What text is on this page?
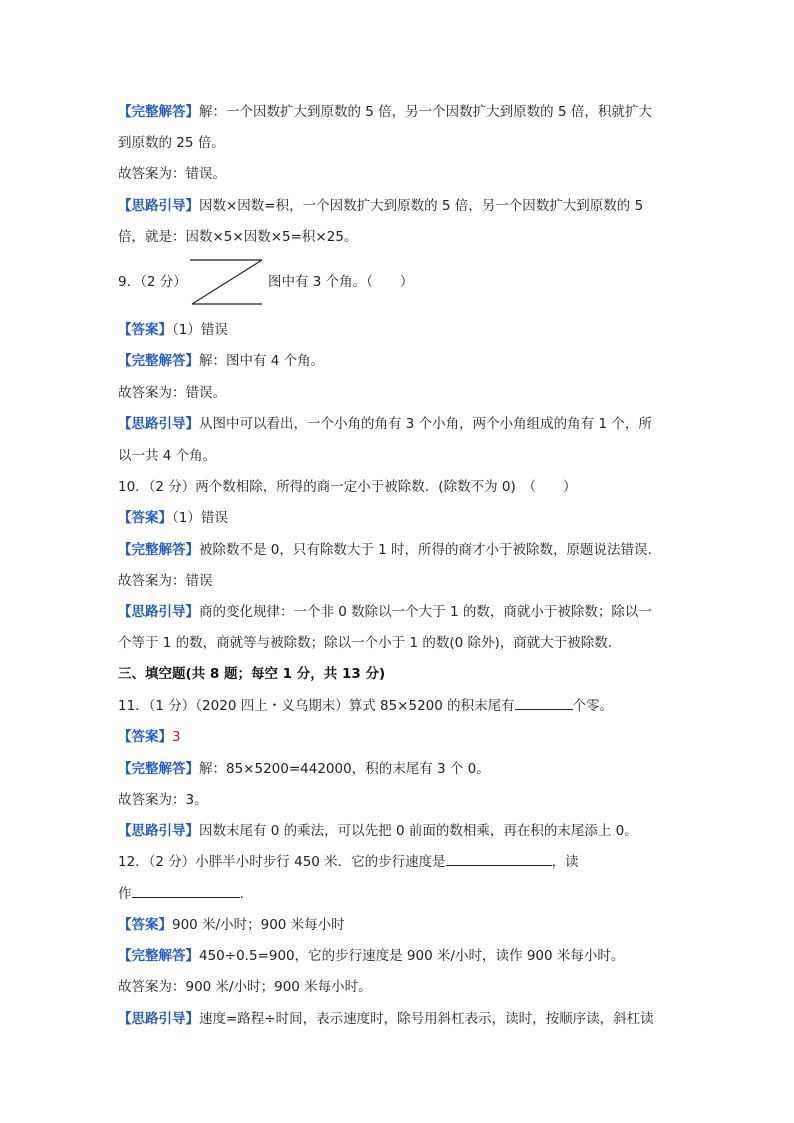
【完整解答】解：一个因数扩大到原数的 5 倍，另一个因数扩大到原数的 5 倍，积就扩大
到原数的 25 倍。
故答案为：错误。
【思路引导】因数×因数=积，一个因数扩大到原数的 5 倍，另一个因数扩大到原数的 5
倍，就是：因数×5×因数×5=积×25。
9．（2 分）	图中有 3 个角。（　　）
【答案】（1）错误
【完整解答】解：图中有 4 个角。
故答案为：错误。
【思路引导】从图中可以看出，一个小角的角有 3 个小角，两个小角组成的角有 1 个，所
以一共 4 个角。
10．（2 分）两个数相除，所得的商一定小于被除数．(除数不为 0)　（　　）
【答案】（1）错误
【完整解答】被除数不是 0，只有除数大于 1 时，所得的商才小于被除数，原题说法错误.
故答案为：错误
【思路引导】商的变化规律：一个非 0 数除以一个大于 1 的数，商就小于被除数；除以一
个等于 1 的数，商就等与被除数；除以一个小于 1 的数(0 除外)，商就大于被除数.
三、填空题(共 8 题；每空 1 分，共 13 分)
11．（1 分）（2020 四上・义乌期末）算式 85×5200 的积末尾有	个零。
【答案】3
【完整解答】解：85×5200=442000，积的末尾有 3 个 0。
故答案为：3。
【思路引导】因数末尾有 0 的乘法，可以先把 0 前面的数相乘，再在积的末尾添上 0。
12．（2 分）小胖半小时步行 450 米．它的步行速度是	，读
作	.
【答案】900 米/小时；900 米每小时
【完整解答】450÷0.5=900，它的步行速度是 900 米/小时，读作 900 米每小时。
故答案为：900 米/小时；900 米每小时。
【思路引导】速度=路程÷时间，表示速度时，除号用斜杠表示，读时，按顺序读，斜杠读
